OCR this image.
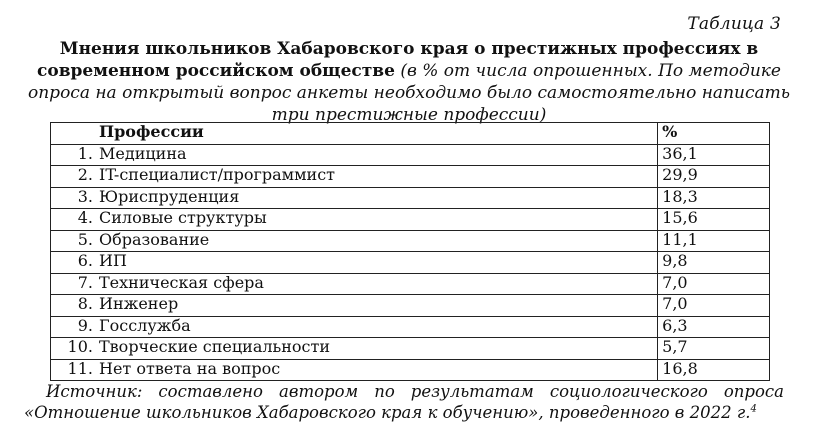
Таблица 3
Мнения школьников Хабаровского края о престижных профессиях в современном российском обществе (в % от числа опрошенных. По методике опроса на открытый вопрос анкеты необходимо было самостоятельно написать три престижные профессии)
Профессии	%
1. Медицина	36,1
2. IT-специалист/программист	29,9
3. Юриспруденция	18,3
4. Силовые структуры	15,6
5. Образование	11,1
6. ИП	9,8
7. Техническая сфера	7,0
8. Инженер	7,0
9. Госслужба	6,3
10. Творческие специальности	5,7
11. Нет ответа на вопрос	16,8
Источник: составлено автором по результатам социологического опроса
«Отношение школьников Хабаровского края к обучению», проведенного в 2022 г.$^4$
